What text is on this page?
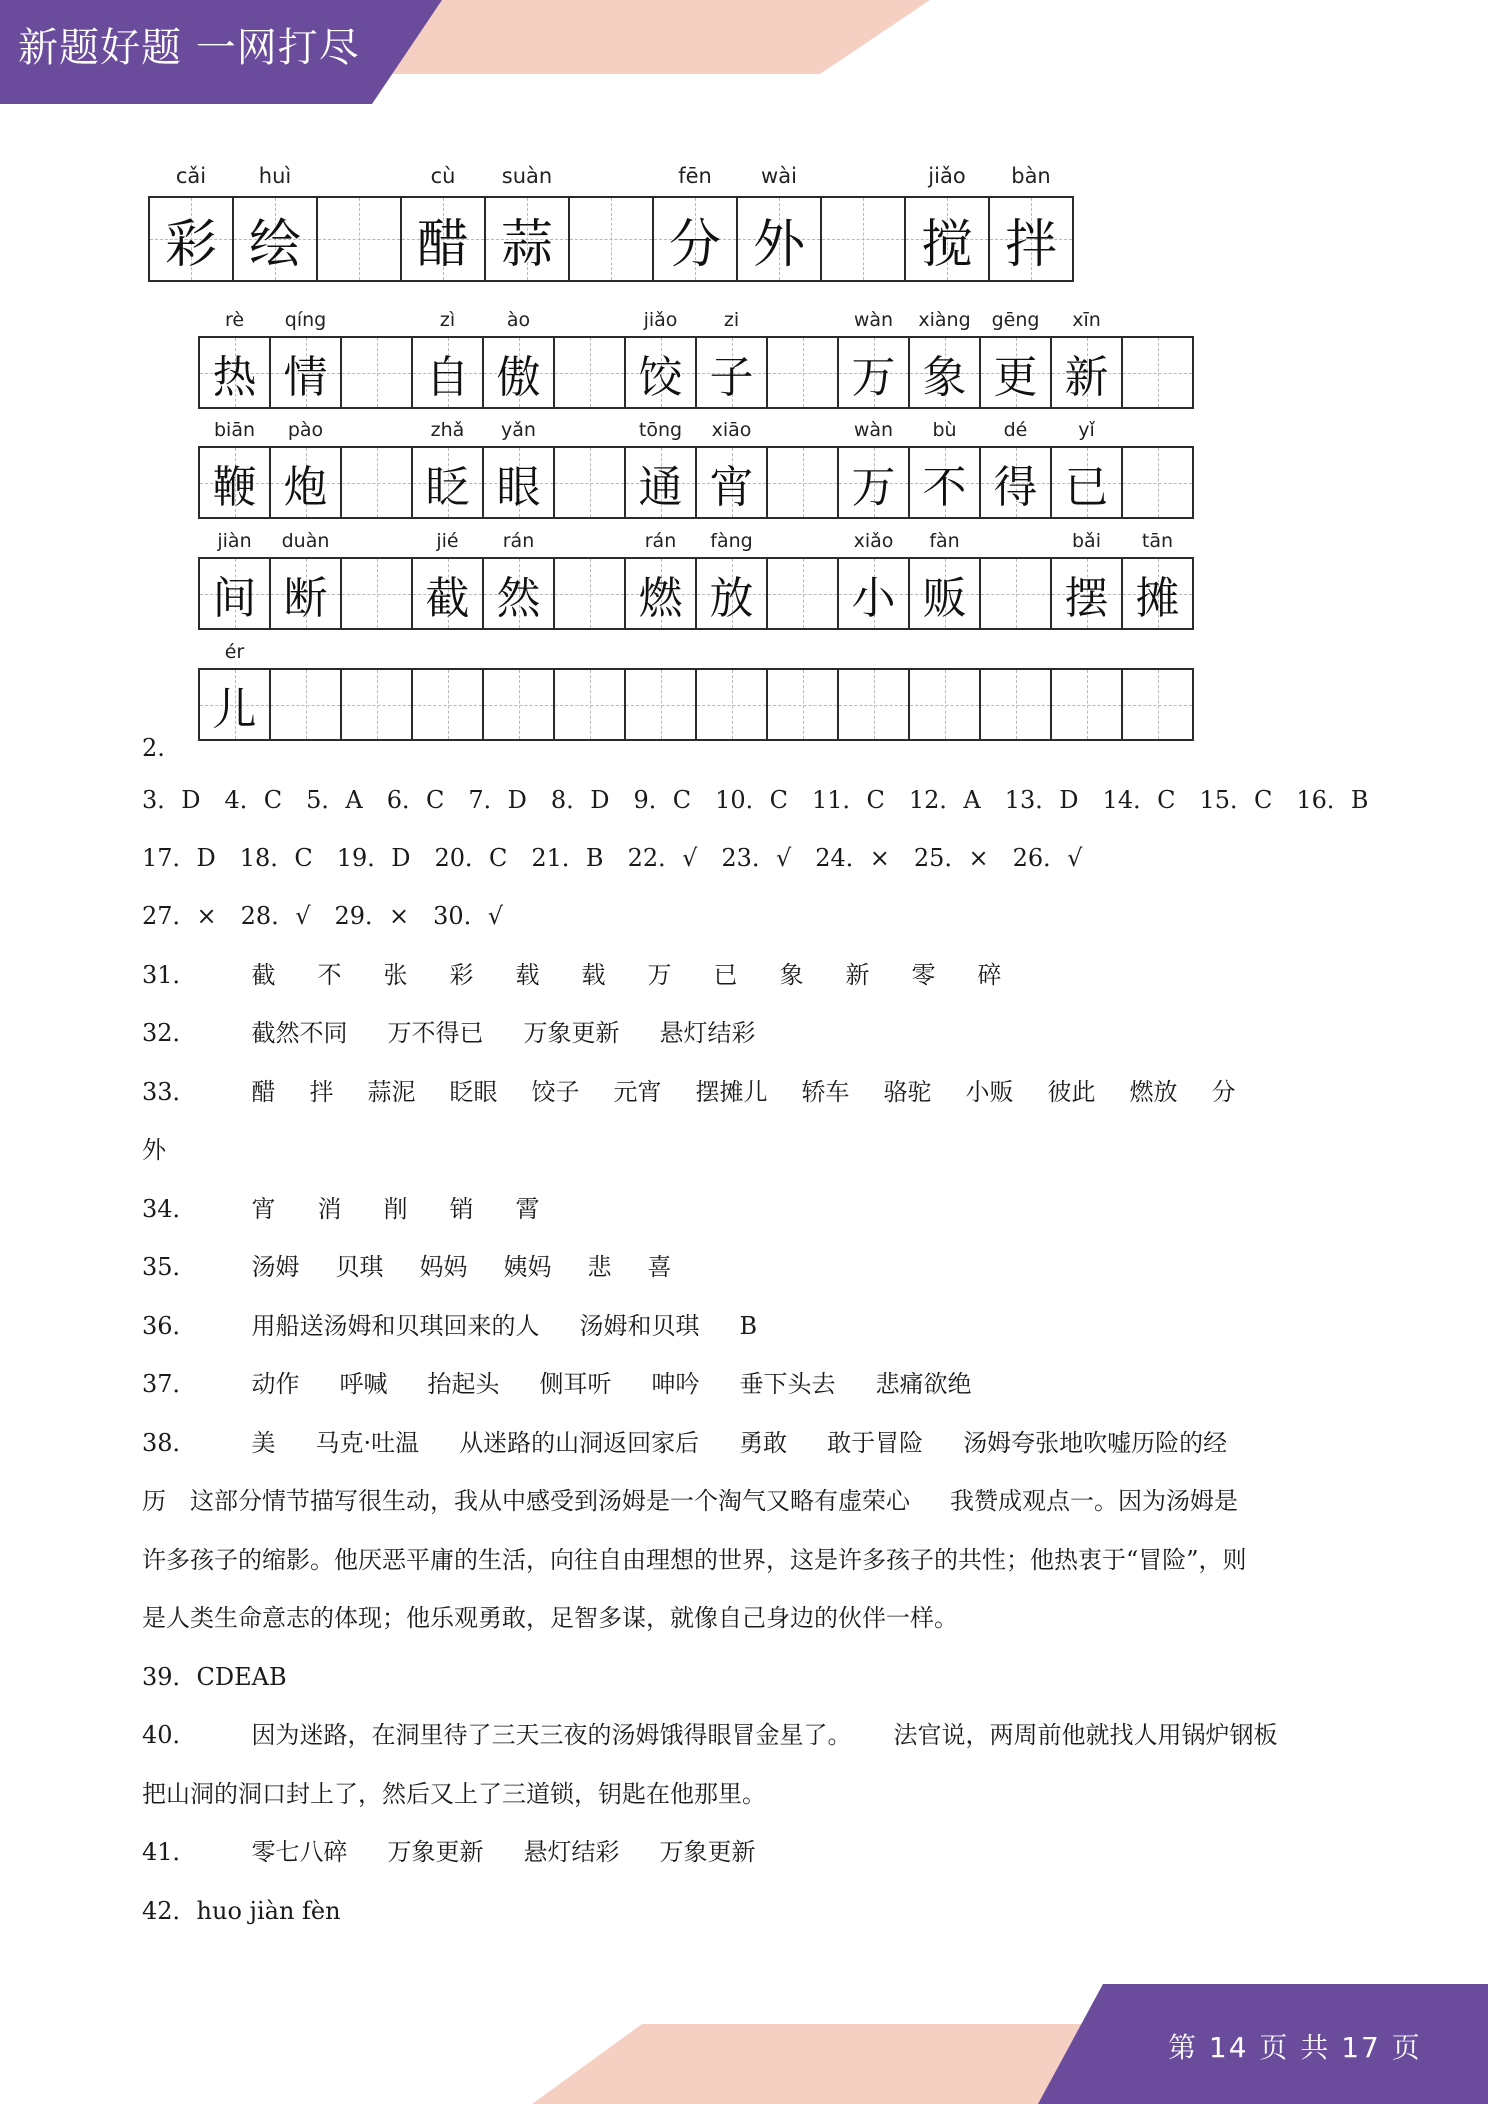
新题好题 一网打尽
cǎi	huì	cù	suàn	fēn	wài	jiǎo	bàn
彩 绘 醋 蒜 分 外 搅 拌
rè	qíng	zì	ào	jiǎo	zi	wàn	xiàng	gēng	xīn
热 情 自 傲 饺 子 万 象 更 新
biān	pào	zhǎ	yǎn	tōng	xiāo	wàn	bù	dé	yǐ
鞭 炮 眨 眼 通 宵 万 不 得 已
jiàn	duàn	jié	rán	rán	fàng	xiǎo	fàn	bǎi	tān
间 断 截 然 燃 放 小 贩 摆 摊
ér
儿
2.
3．D 4．C 5．A 6．C 7．D 8．D 9．C 10．C 11．C 12．A 13．D 14．C 15．C 16．B
17．D 18．C 19．D 20．C 21．B 22．√ 23．√ 24．× 25．× 26．√
27．× 28．√ 29．× 30．√
31． 截 不 张 彩 载 载 万 已 象 新 零 碎
32． 截然不同 万不得已 万象更新 悬灯结彩
33． 醋 拌 蒜泥 眨眼 饺子 元宵 摆摊儿 轿车 骆驼 小贩 彼此 燃放 分
外
34． 宵 消 削 销 霄
35． 汤姆 贝琪 妈妈 姨妈 悲 喜
36． 用船送汤姆和贝琪回来的人 汤姆和贝琪 B
37． 动作 呼喊 抬起头 侧耳听 呻吟 垂下头去 悲痛欲绝
38． 美 马克·吐温 从迷路的山洞返回家后 勇敢 敢于冒险 汤姆夸张地吹嘘历险的经
历 这部分情节描写很生动，我从中感受到汤姆是一个淘气又略有虚荣心 我赞成观点一。因为汤姆是
许多孩子的缩影。他厌恶平庸的生活，向往自由理想的世界，这是许多孩子的共性；他热衷于“冒险”，则
是人类生命意志的体现；他乐观勇敢，足智多谋，就像自己身边的伙伴一样。
39．CDEAB
40． 因为迷路，在洞里待了三天三夜的汤姆饿得眼冒金星了。 法官说，两周前他就找人用锅炉钢板
把山洞的洞口封上了，然后又上了三道锁，钥匙在他那里。
41． 零七八碎 万象更新 悬灯结彩 万象更新
42．huo jiàn fèn
第 14 页 共 17 页
